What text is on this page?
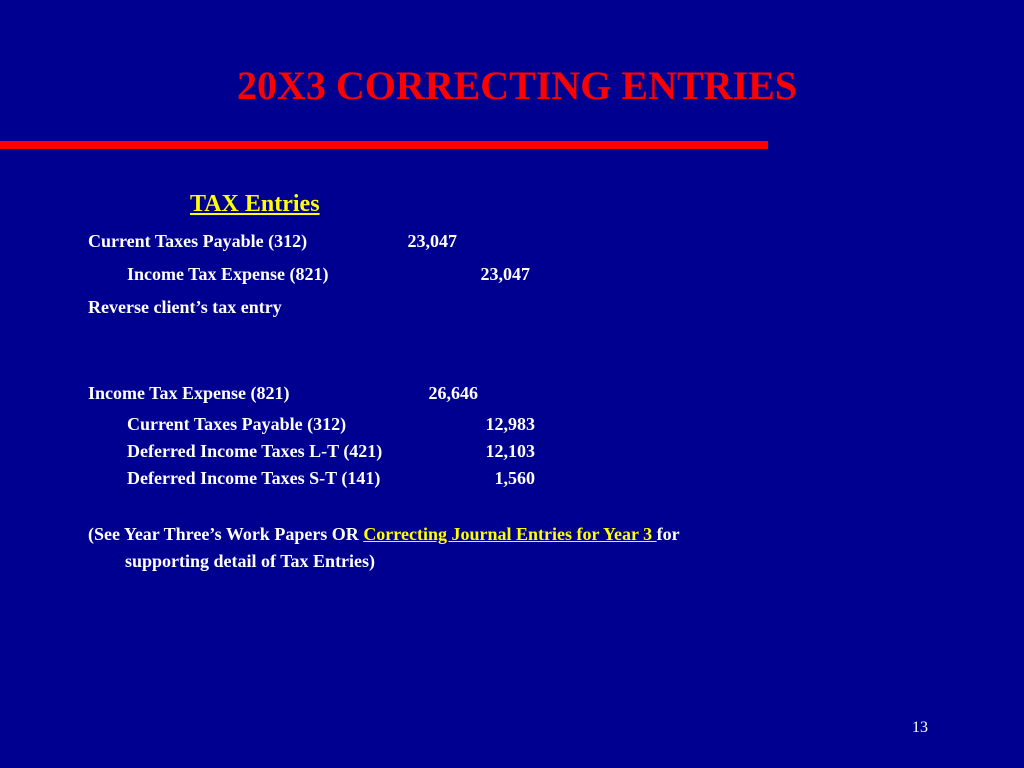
20X3 CORRECTING ENTRIES
TAX Entries
Current Taxes Payable (312)	23,047
Income Tax Expense (821)	23,047
Reverse client’s tax entry
Income Tax Expense (821)	26,646
Current Taxes Payable (312)	12,983
Deferred Income Taxes L-T (421)	12,103
Deferred Income Taxes S-T (141)	1,560
(See Year Three’s Work Papers OR Correcting Journal Entries for Year 3 for
supporting detail of Tax Entries)
13
